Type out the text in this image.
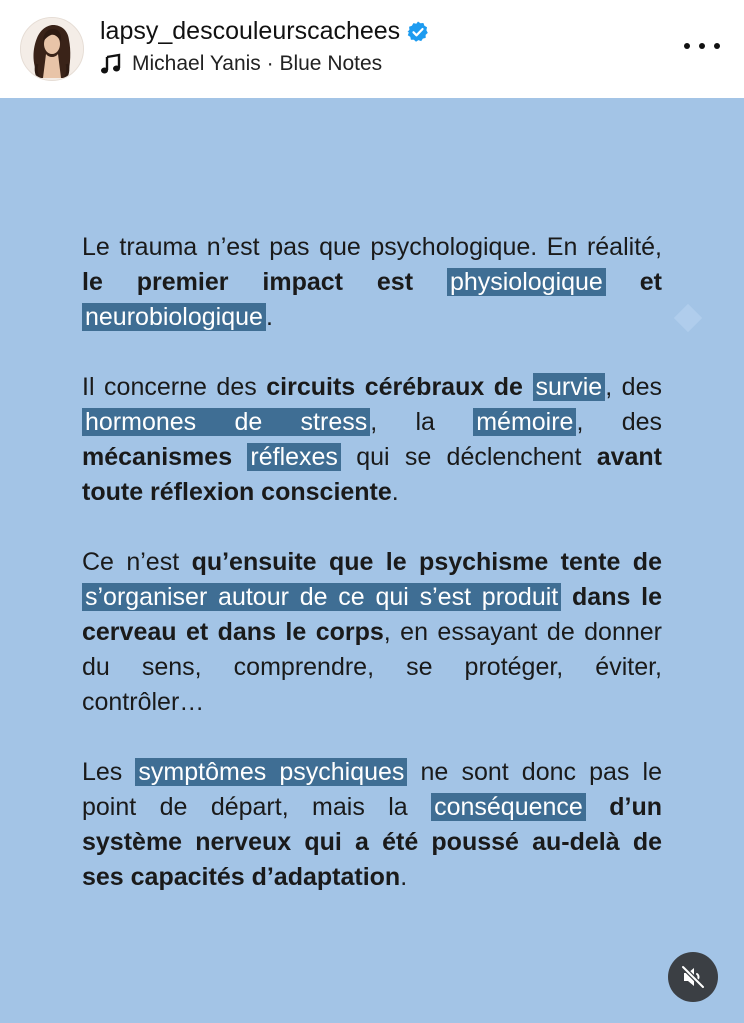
lapsy_descouleurscachees
Michael Yanis · Blue Notes

Le trauma n’est pas que psychologique. En réalité, le premier impact est physiologique et neurobiologique .

Il concerne des circuits cérébraux de survie , des hormones de stress , la mémoire , des mécanismes réflexes qui se déclenchent avant toute réflexion consciente.

Ce n’est qu’ensuite que le psychisme tente de s’organiser autour de ce qui s’est produit dans le cerveau et dans le corps, en essayant de donner du sens, comprendre, se protéger, éviter, contrôler…

Les symptômes psychiques ne sont donc pas le point de départ, mais la conséquence d’un système nerveux qui a été poussé au-delà de ses capacités d’adaptation.
